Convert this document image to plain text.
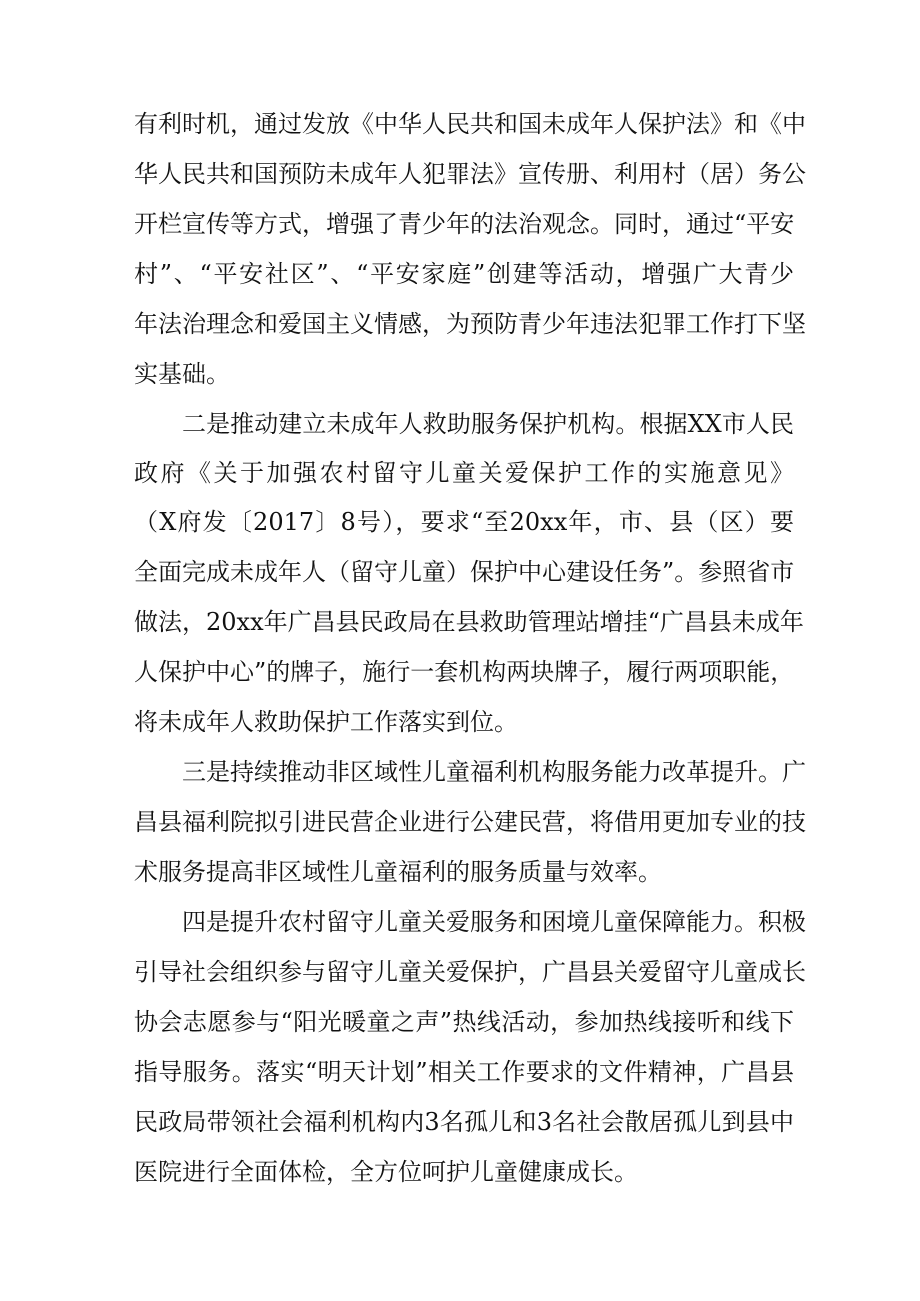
有利时机，通过发放《中华人民共和国未成年人保护法》和《中

华人民共和国预防未成年人犯罪法》宣传册、利用村（居）务公

开栏宣传等方式，增强了青少年的法治观念。同时，通过“平安

村”、“平安社区”、“平安家庭”创建等活动，增强广大青少

年法治理念和爱国主义情感，为预防青少年违法犯罪工作打下坚

实基础。

二是推动建立未成年人救助服务保护机构。根据XX市人民

政府《关于加强农村留守儿童关爱保护工作的实施意见》

（X府发〔2017〕8号），要求“至20xx年，市、县（区）要

全面完成未成年人（留守儿童）保护中心建设任务”。参照省市

做法，20xx年广昌县民政局在县救助管理站增挂“广昌县未成年

人保护中心”的牌子，施行一套机构两块牌子，履行两项职能，

将未成年人救助保护工作落实到位。

三是持续推动非区域性儿童福利机构服务能力改革提升。广

昌县福利院拟引进民营企业进行公建民营，将借用更加专业的技

术服务提高非区域性儿童福利的服务质量与效率。

四是提升农村留守儿童关爱服务和困境儿童保障能力。积极

引导社会组织参与留守儿童关爱保护，广昌县关爱留守儿童成长

协会志愿参与“阳光暖童之声”热线活动，参加热线接听和线下

指导服务。落实“明天计划”相关工作要求的文件精神，广昌县

民政局带领社会福利机构内3名孤儿和3名社会散居孤儿到县中

医院进行全面体检，全方位呵护儿童健康成长。
